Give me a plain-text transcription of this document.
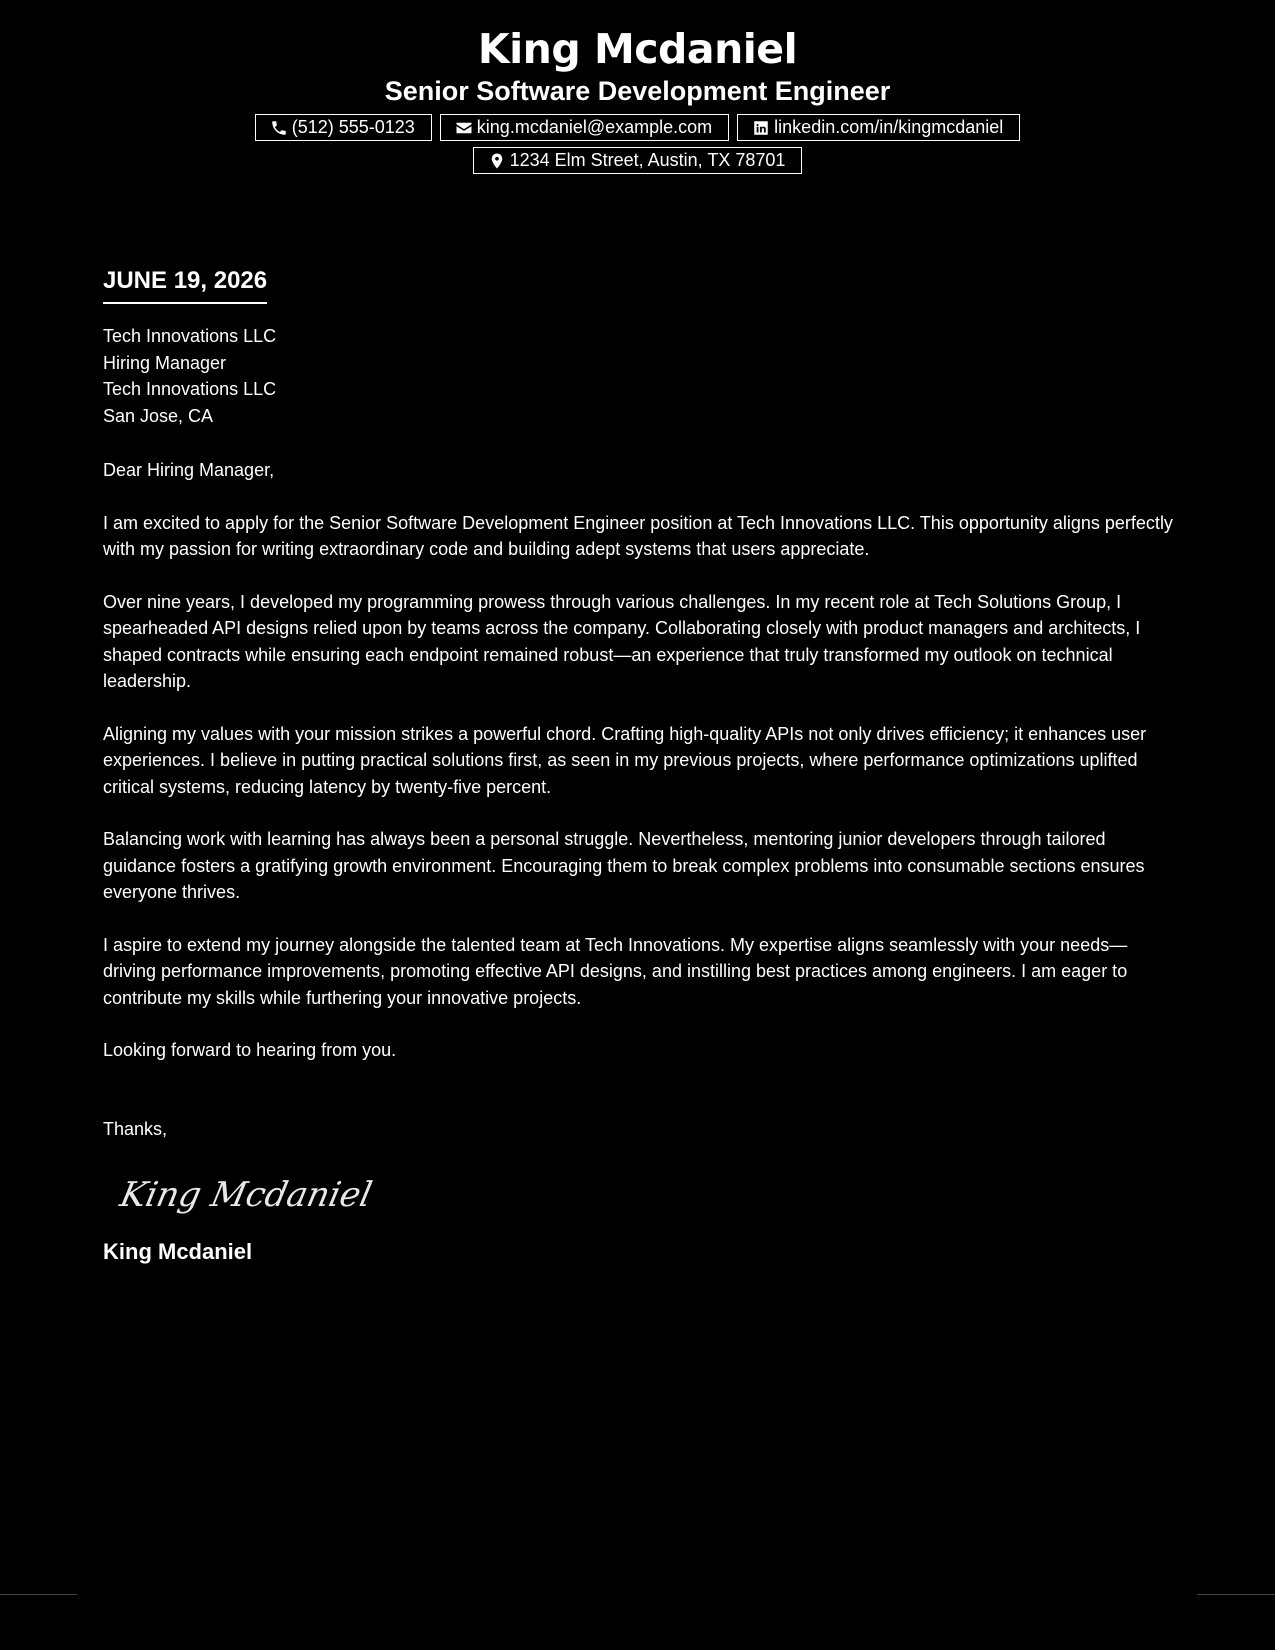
King Mcdaniel
Senior Software Development Engineer
(512) 555-0123	king.mcdaniel@example.com	linkedin.com/in/kingmcdaniel
1234 Elm Street, Austin, TX 78701
JUNE 19, 2026
Tech Innovations LLC
Hiring Manager
Tech Innovations LLC
San Jose, CA
Dear Hiring Manager,
I am excited to apply for the Senior Software Development Engineer position at Tech Innovations LLC. This opportunity aligns perfectly with my passion for writing extraordinary code and building adept systems that users appreciate.
Over nine years, I developed my programming prowess through various challenges. In my recent role at Tech Solutions Group, I spearheaded API designs relied upon by teams across the company. Collaborating closely with product managers and architects, I shaped contracts while ensuring each endpoint remained robust—an experience that truly transformed my outlook on technical leadership.
Aligning my values with your mission strikes a powerful chord. Crafting high-quality APIs not only drives efficiency; it enhances user experiences. I believe in putting practical solutions first, as seen in my previous projects, where performance optimizations uplifted critical systems, reducing latency by twenty-five percent.
Balancing work with learning has always been a personal struggle. Nevertheless, mentoring junior developers through tailored guidance fosters a gratifying growth environment. Encouraging them to break complex problems into consumable sections ensures everyone thrives.
I aspire to extend my journey alongside the talented team at Tech Innovations. My expertise aligns seamlessly with your needs—driving performance improvements, promoting effective API designs, and instilling best practices among engineers. I am eager to contribute my skills while furthering your innovative projects.
Looking forward to hearing from you.
Thanks,
King Mcdaniel
King Mcdaniel
